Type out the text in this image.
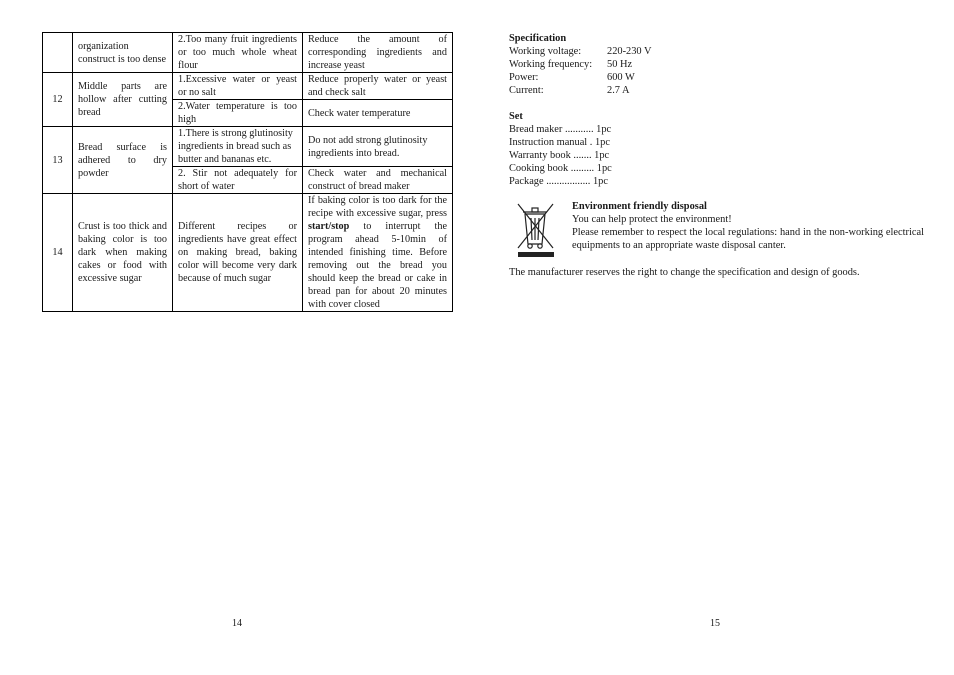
	organization construct is too dense	2.Too many fruit ingredients or too much whole wheat flour	Reduce the amount of corresponding ingredients and increase yeast
12	Middle parts are hollow after cutting bread	1.Excessive water or yeast or no salt	Reduce properly water or yeast and check salt
		2.Water temperature is too high	Check water temperature
13	Bread surface is adhered to dry powder	1.There is strong glutinosity ingredients in bread such as butter and bananas etc.	Do not add strong glutinosity ingredients into bread.
		2. Stir not adequately for short of water	Check water and mechanical construct of bread maker
14	Crust is too thick and baking color is too dark when making cakes or food with excessive sugar	Different recipes or ingredients have great effect on making bread, baking color will become very dark because of much sugar	If baking color is too dark for the recipe with excessive sugar, press start/stop to interrupt the program ahead 5-10min of intended finishing time. Before removing out the bread you should keep the bread or cake in bread pan for about 20 minutes with cover closed
14
Specification
Working voltage:	220-230 V
Working frequency:	50 Hz
Power:	600 W
Current:	2.7 A
Set
Bread maker ........... 1pc
Instruction manual . 1pc
Warranty book ....... 1pc
Cooking book ......... 1pc
Package ................. 1pc
Environment friendly disposal
You can help protect the environment!
Please remember to respect the local regulations: hand in the non-working electrical equipments to an appropriate waste disposal canter.
The manufacturer reserves the right to change the specification and design of goods.
15
